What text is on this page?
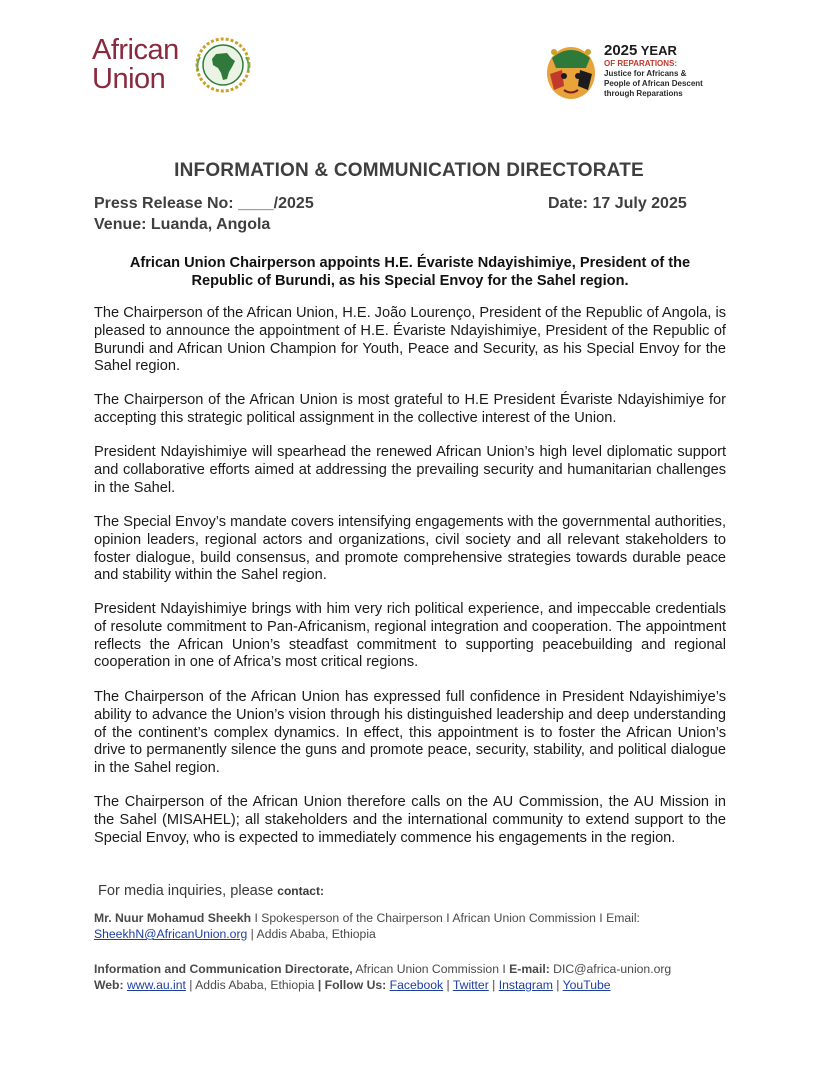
African
Union
2025 YEAR
OF REPARATIONS:
Justice for Africans &
People of African Descent
through Reparations
INFORMATION & COMMUNICATION DIRECTORATE
Press Release No: ____/2025	Date: 17 July 2025
Venue: Luanda, Angola
African Union Chairperson appoints H.E. Évariste Ndayishimiye, President of the
Republic of Burundi, as his Special Envoy for the Sahel region.

The Chairperson of the African Union, H.E. João Lourenço, President of the Republic of Angola, is pleased to announce the appointment of H.E. Évariste Ndayishimiye, President of the Republic of Burundi and African Union Champion for Youth, Peace and Security, as his Special Envoy for the Sahel region.

The Chairperson of the African Union is most grateful to H.E President Évariste Ndayishimiye for accepting this strategic political assignment in the collective interest of the Union.

President Ndayishimiye will spearhead the renewed African Union’s high level diplomatic support and collaborative efforts aimed at addressing the prevailing security and humanitarian challenges in the Sahel.

The Special Envoy’s mandate covers intensifying engagements with the governmental authorities, opinion leaders, regional actors and organizations, civil society and all relevant stakeholders to foster dialogue, build consensus, and promote comprehensive strategies towards durable peace and stability within the Sahel region.

President Ndayishimiye brings with him very rich political experience, and impeccable credentials of resolute commitment to Pan-Africanism, regional integration and cooperation. The appointment reflects the African Union’s steadfast commitment to supporting peacebuilding and regional cooperation in one of Africa’s most critical regions.

The Chairperson of the African Union has expressed full confidence in President Ndayishimiye’s ability to advance the Union’s vision through his distinguished leadership and deep understanding of the continent’s complex dynamics. In effect, this appointment is to foster the African Union’s drive to permanently silence the guns and promote peace, security, stability, and political dialogue in the Sahel region.

The Chairperson of the African Union therefore calls on the AU Commission, the AU Mission in the Sahel (MISAHEL); all stakeholders and the international community to extend support to the Special Envoy, who is expected to immediately commence his engagements in the region.

For media inquiries, please contact:

Mr. Nuur Mohamud Sheekh I Spokesperson of the Chairperson I African Union Commission I Email:
SheekhN@AfricanUnion.org | Addis Ababa, Ethiopia

Information and Communication Directorate, African Union Commission I E-mail: DIC@africa-union.org
Web: www.au.int | Addis Ababa, Ethiopia | Follow Us: Facebook | Twitter | Instagram | YouTube
